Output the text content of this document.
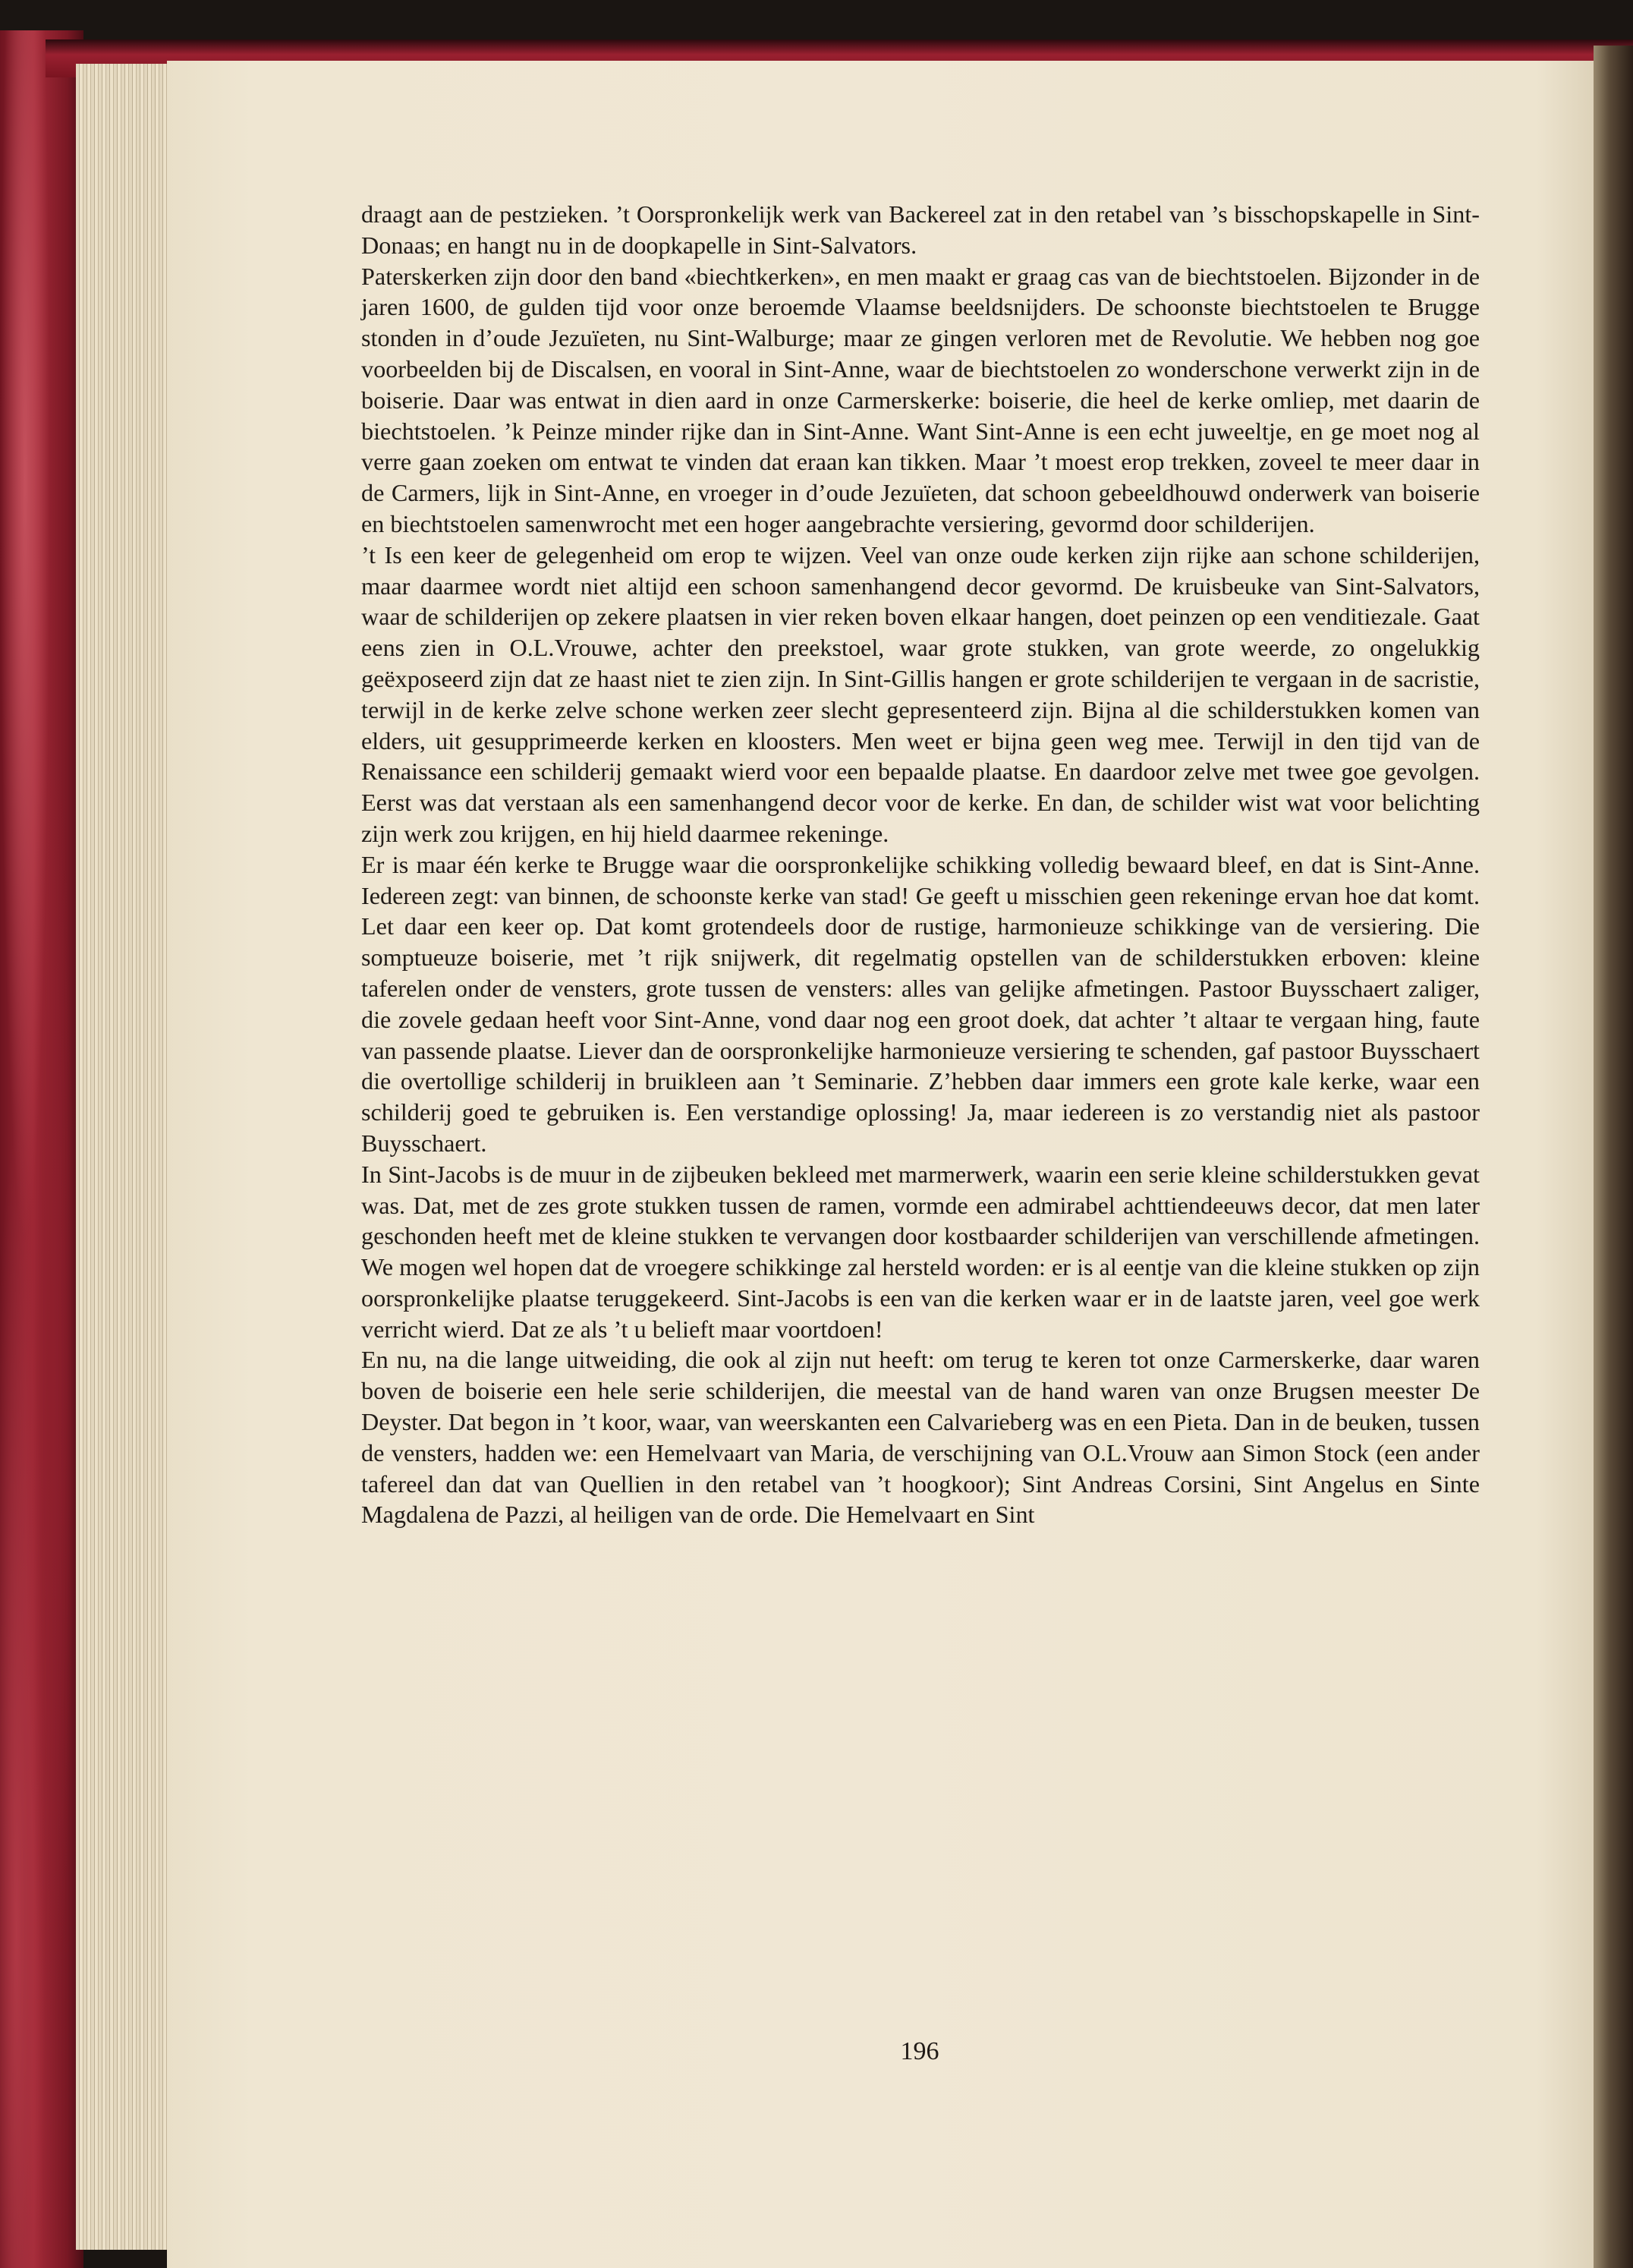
draagt aan de pestzieken. ’t Oorspronkelijk werk van Backereel zat in den retabel van ’s bisschopskapelle in Sint-Donaas; en hangt nu in de doopkapelle in Sint-Salvators.

Paterskerken zijn door den band «biechtkerken», en men maakt er graag cas van de biechtstoelen. Bijzonder in de jaren 1600, de gulden tijd voor onze beroemde Vlaamse beeldsnijders. De schoonste biechtstoelen te Brugge stonden in d’oude Jezuïeten, nu Sint-Walburge; maar ze gingen verloren met de Revolutie. We hebben nog goe voorbeelden bij de Discalsen, en vooral in Sint-Anne, waar de biechtstoelen zo wonderschone verwerkt zijn in de boiserie. Daar was entwat in dien aard in onze Carmerskerke: boiserie, die heel de kerke omliep, met daarin de biechtstoelen. ’k Peinze minder rijke dan in Sint-Anne. Want Sint-Anne is een echt juweeltje, en ge moet nog al verre gaan zoeken om entwat te vinden dat eraan kan tikken. Maar ’t moest erop trekken, zoveel te meer daar in de Carmers, lijk in Sint-Anne, en vroeger in d’oude Jezuïeten, dat schoon gebeeldhouwd onderwerk van boiserie en biechtstoelen samenwrocht met een hoger aangebrachte versiering, gevormd door schilderijen.

’t Is een keer de gelegenheid om erop te wijzen. Veel van onze oude kerken zijn rijke aan schone schilderijen, maar daarmee wordt niet altijd een schoon samenhangend decor gevormd. De kruisbeuke van Sint-Salvators, waar de schilderijen op zekere plaatsen in vier reken boven elkaar hangen, doet peinzen op een venditiezale. Gaat eens zien in O.L.Vrouwe, achter den preekstoel, waar grote stukken, van grote weerde, zo ongelukkig geëxposeerd zijn dat ze haast niet te zien zijn. In Sint-Gillis hangen er grote schilderijen te vergaan in de sacristie, terwijl in de kerke zelve schone werken zeer slecht gepresenteerd zijn. Bijna al die schilderstukken komen van elders, uit gesupprimeerde kerken en kloosters. Men weet er bijna geen weg mee. Terwijl in den tijd van de Renaissance een schilderij gemaakt wierd voor een bepaalde plaatse. En daardoor zelve met twee goe gevolgen. Eerst was dat verstaan als een samenhangend decor voor de kerke. En dan, de schilder wist wat voor belichting zijn werk zou krijgen, en hij hield daarmee rekeninge.

Er is maar één kerke te Brugge waar die oorspronkelijke schikking volledig bewaard bleef, en dat is Sint-Anne. Iedereen zegt: van binnen, de schoonste kerke van stad! Ge geeft u misschien geen rekeninge ervan hoe dat komt. Let daar een keer op. Dat komt grotendeels door de rustige, harmonieuze schikkinge van de versiering. Die somptueuze boiserie, met ’t rijk snijwerk, dit regelmatig opstellen van de schilderstukken erboven: kleine taferelen onder de vensters, grote tussen de vensters: alles van gelijke afmetingen. Pastoor Buysschaert zaliger, die zovele gedaan heeft voor Sint-Anne, vond daar nog een groot doek, dat achter ’t altaar te vergaan hing, faute van passende plaatse. Liever dan de oorspronkelijke harmonieuze versiering te schenden, gaf pastoor Buysschaert die overtollige schilderij in bruikleen aan ’t Seminarie. Z’hebben daar immers een grote kale kerke, waar een schilderij goed te gebruiken is. Een verstandige oplossing! Ja, maar iedereen is zo verstandig niet als pastoor Buysschaert.

In Sint-Jacobs is de muur in de zijbeuken bekleed met marmerwerk, waarin een serie kleine schilderstukken gevat was. Dat, met de zes grote stukken tussen de ramen, vormde een admirabel achttiendeeuws decor, dat men later geschonden heeft met de kleine stukken te vervangen door kostbaarder schilderijen van verschillende afmetingen. We mogen wel hopen dat de vroegere schikkinge zal hersteld worden: er is al eentje van die kleine stukken op zijn oorspronkelijke plaatse teruggekeerd. Sint-Jacobs is een van die kerken waar er in de laatste jaren, veel goe werk verricht wierd. Dat ze als ’t u belieft maar voortdoen!

En nu, na die lange uitweiding, die ook al zijn nut heeft: om terug te keren tot onze Carmerskerke, daar waren boven de boiserie een hele serie schilderijen, die meestal van de hand waren van onze Brugsen meester De Deyster. Dat begon in ’t koor, waar, van weerskanten een Calvarieberg was en een Pieta. Dan in de beuken, tussen de vensters, hadden we: een Hemelvaart van Maria, de verschijning van O.L.Vrouw aan Simon Stock (een ander tafereel dan dat van Quellien in den retabel van ’t hoogkoor); Sint Andreas Corsini, Sint Angelus en Sinte Magdalena de Pazzi, al heiligen van de orde. Die Hemelvaart en Sint

196
